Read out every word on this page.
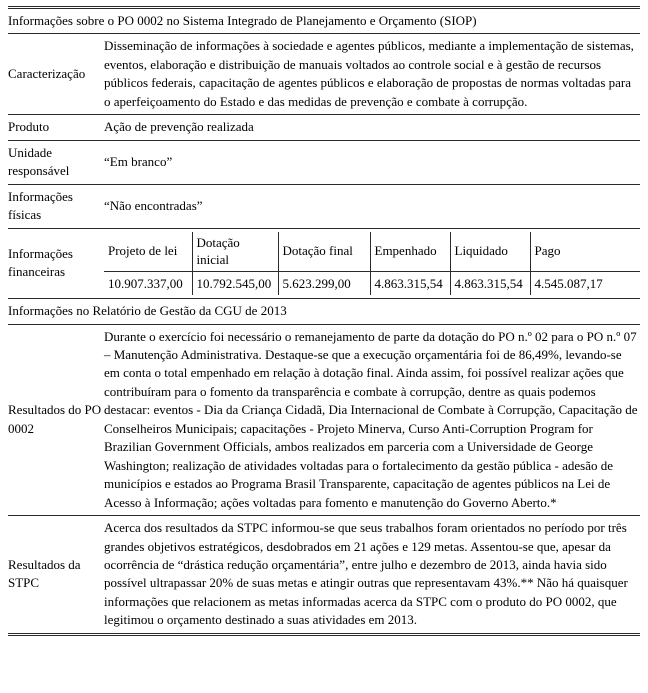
Informações sobre o PO 0002 no Sistema Integrado de Planejamento e Orçamento (SIOP)
Caracterização	Disseminação de informações à sociedade e agentes públicos, mediante a implementação de sistemas, eventos, elaboração e distribuição de manuais voltados ao controle social e à gestão de recursos públicos federais, capacitação de agentes públicos e elaboração de propostas de normas voltadas para o aperfeiçoamento do Estado e das medidas de prevenção e combate à corrupção.
Produto	Ação de prevenção realizada
Unidade responsável	“Em branco”
Informações físicas	“Não encontradas”
Informações financeiras	
Projeto de lei	Dotação inicial	Dotação final	Empenhado	Liquidado	Pago
10.907.337,00	10.792.545,00	5.623.299,00	4.863.315,54	4.863.315,54	4.545.087,17

Informações no Relatório de Gestão da CGU de 2013
Resultados do PO 0002	Durante o exercício foi necessário o remanejamento de parte da dotação do PO n.º 02 para o PO n.º 07 – Manutenção Administrativa. Destaque-se que a execução orçamentária foi de 86,49%, levando-se em conta o total empenhado em relação à dotação final. Ainda assim, foi possível realizar ações que contribuíram para o fomento da transparência e combate à corrupção, dentre as quais podemos destacar: eventos - Dia da Criança Cidadã, Dia Internacional de Combate à Corrupção, Capacitação de Conselheiros Municipais; capacitações - Projeto Minerva, Curso Anti-Corruption Program for Brazilian Government Officials, ambos realizados em parceria com a Universidade de George Washington; realização de atividades voltadas para o fortalecimento da gestão pública - adesão de municípios e estados ao Programa Brasil Transparente, capacitação de agentes públicos na Lei de Acesso à Informação; ações voltadas para fomento e manutenção do Governo Aberto.*
Resultados da STPC	Acerca dos resultados da STPC informou-se que seus trabalhos foram orientados no período por três grandes objetivos estratégicos, desdobrados em 21 ações e 129 metas. Assentou-se que, apesar da ocorrência de “drástica redução orçamentária”, entre julho e dezembro de 2013, ainda havia sido possível ultrapassar 20% de suas metas e atingir outras que representavam 43%.** Não há quaisquer informações que relacionem as metas informadas acerca da STPC com o produto do PO 0002, que legitimou o orçamento destinado a suas atividades em 2013.
